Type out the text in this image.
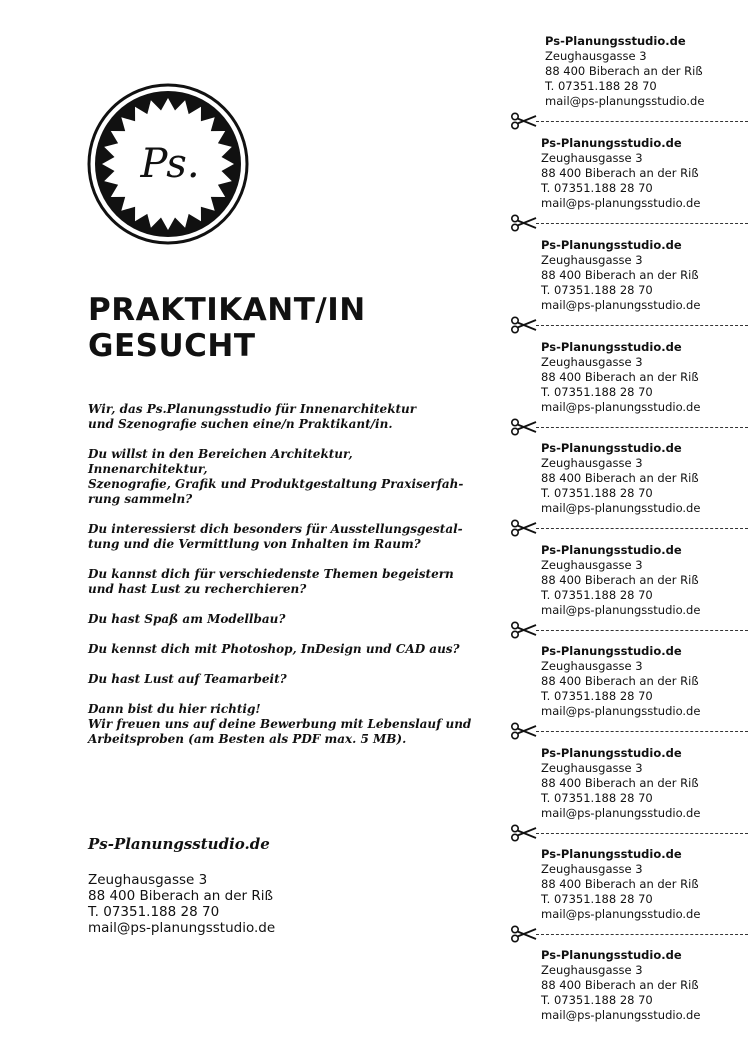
Ps.
PRAKTIKANT/IN
GESUCHT

Wir, das Ps.Planungsstudio für Innenarchitektur
und Szenografie suchen eine/n Praktikant/in.

Du willst in den Bereichen Architektur, Innenarchitektur,
Szenografie, Grafik und Produktgestaltung Praxiserfah-
rung sammeln?

Du interessierst dich besonders für Ausstellungsgestal-
tung und die Vermittlung von Inhalten im Raum?

Du kannst dich für verschiedenste Themen begeistern
und hast Lust zu recherchieren?

Du hast Spaß am Modellbau?

Du kennst dich mit Photoshop, InDesign und CAD aus?

Du hast Lust auf Teamarbeit?

Dann bist du hier richtig!
Wir freuen uns auf deine Bewerbung mit Lebenslauf und
Arbeitsproben (am Besten als PDF max. 5 MB).

Ps-Planungsstudio.de
Zeughausgasse 3
88 400 Biberach an der Riß
T. 07351.188 28 70
mail@ps-planungsstudio.de
Ps-Planungsstudio.de
Zeughausgasse 3
88 400 Biberach an der Riß
T. 07351.188 28 70
mail@ps-planungsstudio.de
Ps-Planungsstudio.de
Zeughausgasse 3
88 400 Biberach an der Riß
T. 07351.188 28 70
mail@ps-planungsstudio.de
Ps-Planungsstudio.de
Zeughausgasse 3
88 400 Biberach an der Riß
T. 07351.188 28 70
mail@ps-planungsstudio.de
Ps-Planungsstudio.de
Zeughausgasse 3
88 400 Biberach an der Riß
T. 07351.188 28 70
mail@ps-planungsstudio.de
Ps-Planungsstudio.de
Zeughausgasse 3
88 400 Biberach an der Riß
T. 07351.188 28 70
mail@ps-planungsstudio.de
Ps-Planungsstudio.de
Zeughausgasse 3
88 400 Biberach an der Riß
T. 07351.188 28 70
mail@ps-planungsstudio.de
Ps-Planungsstudio.de
Zeughausgasse 3
88 400 Biberach an der Riß
T. 07351.188 28 70
mail@ps-planungsstudio.de
Ps-Planungsstudio.de
Zeughausgasse 3
88 400 Biberach an der Riß
T. 07351.188 28 70
mail@ps-planungsstudio.de
Ps-Planungsstudio.de
Zeughausgasse 3
88 400 Biberach an der Riß
T. 07351.188 28 70
mail@ps-planungsstudio.de
Ps-Planungsstudio.de
Zeughausgasse 3
88 400 Biberach an der Riß
T. 07351.188 28 70
mail@ps-planungsstudio.de
